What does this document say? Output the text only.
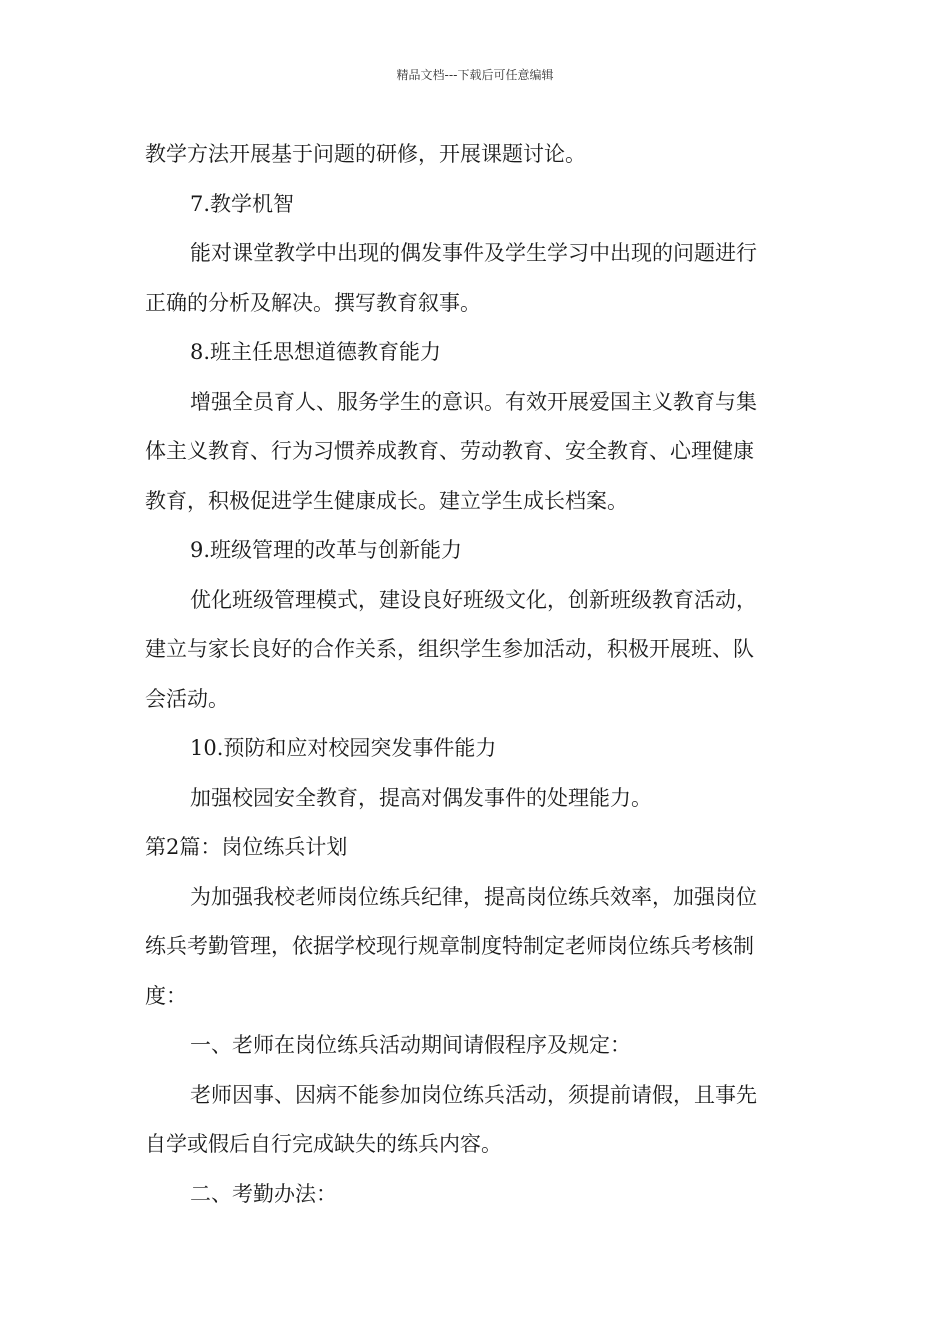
精品文档---下载后可任意编辑

教学方法开展基于问题的研修，开展课题讨论。

7.教学机智

能对课堂教学中出现的偶发事件及学生学习中出现的问题进行

正确的分析及解决。撰写教育叙事。

8.班主任思想道德教育能力

增强全员育人、服务学生的意识。有效开展爱国主义教育与集

体主义教育、行为习惯养成教育、劳动教育、安全教育、心理健康

教育，积极促进学生健康成长。建立学生成长档案。

9.班级管理的改革与创新能力

优化班级管理模式，建设良好班级文化，创新班级教育活动，

建立与家长良好的合作关系，组织学生参加活动，积极开展班、队

会活动。

10.预防和应对校园突发事件能力

加强校园安全教育，提高对偶发事件的处理能力。

第2篇：岗位练兵计划

为加强我校老师岗位练兵纪律，提高岗位练兵效率，加强岗位

练兵考勤管理，依据学校现行规章制度特制定老师岗位练兵考核制

度：

一、老师在岗位练兵活动期间请假程序及规定：

老师因事、因病不能参加岗位练兵活动，须提前请假，且事先

自学或假后自行完成缺失的练兵内容。

二、考勤办法：
